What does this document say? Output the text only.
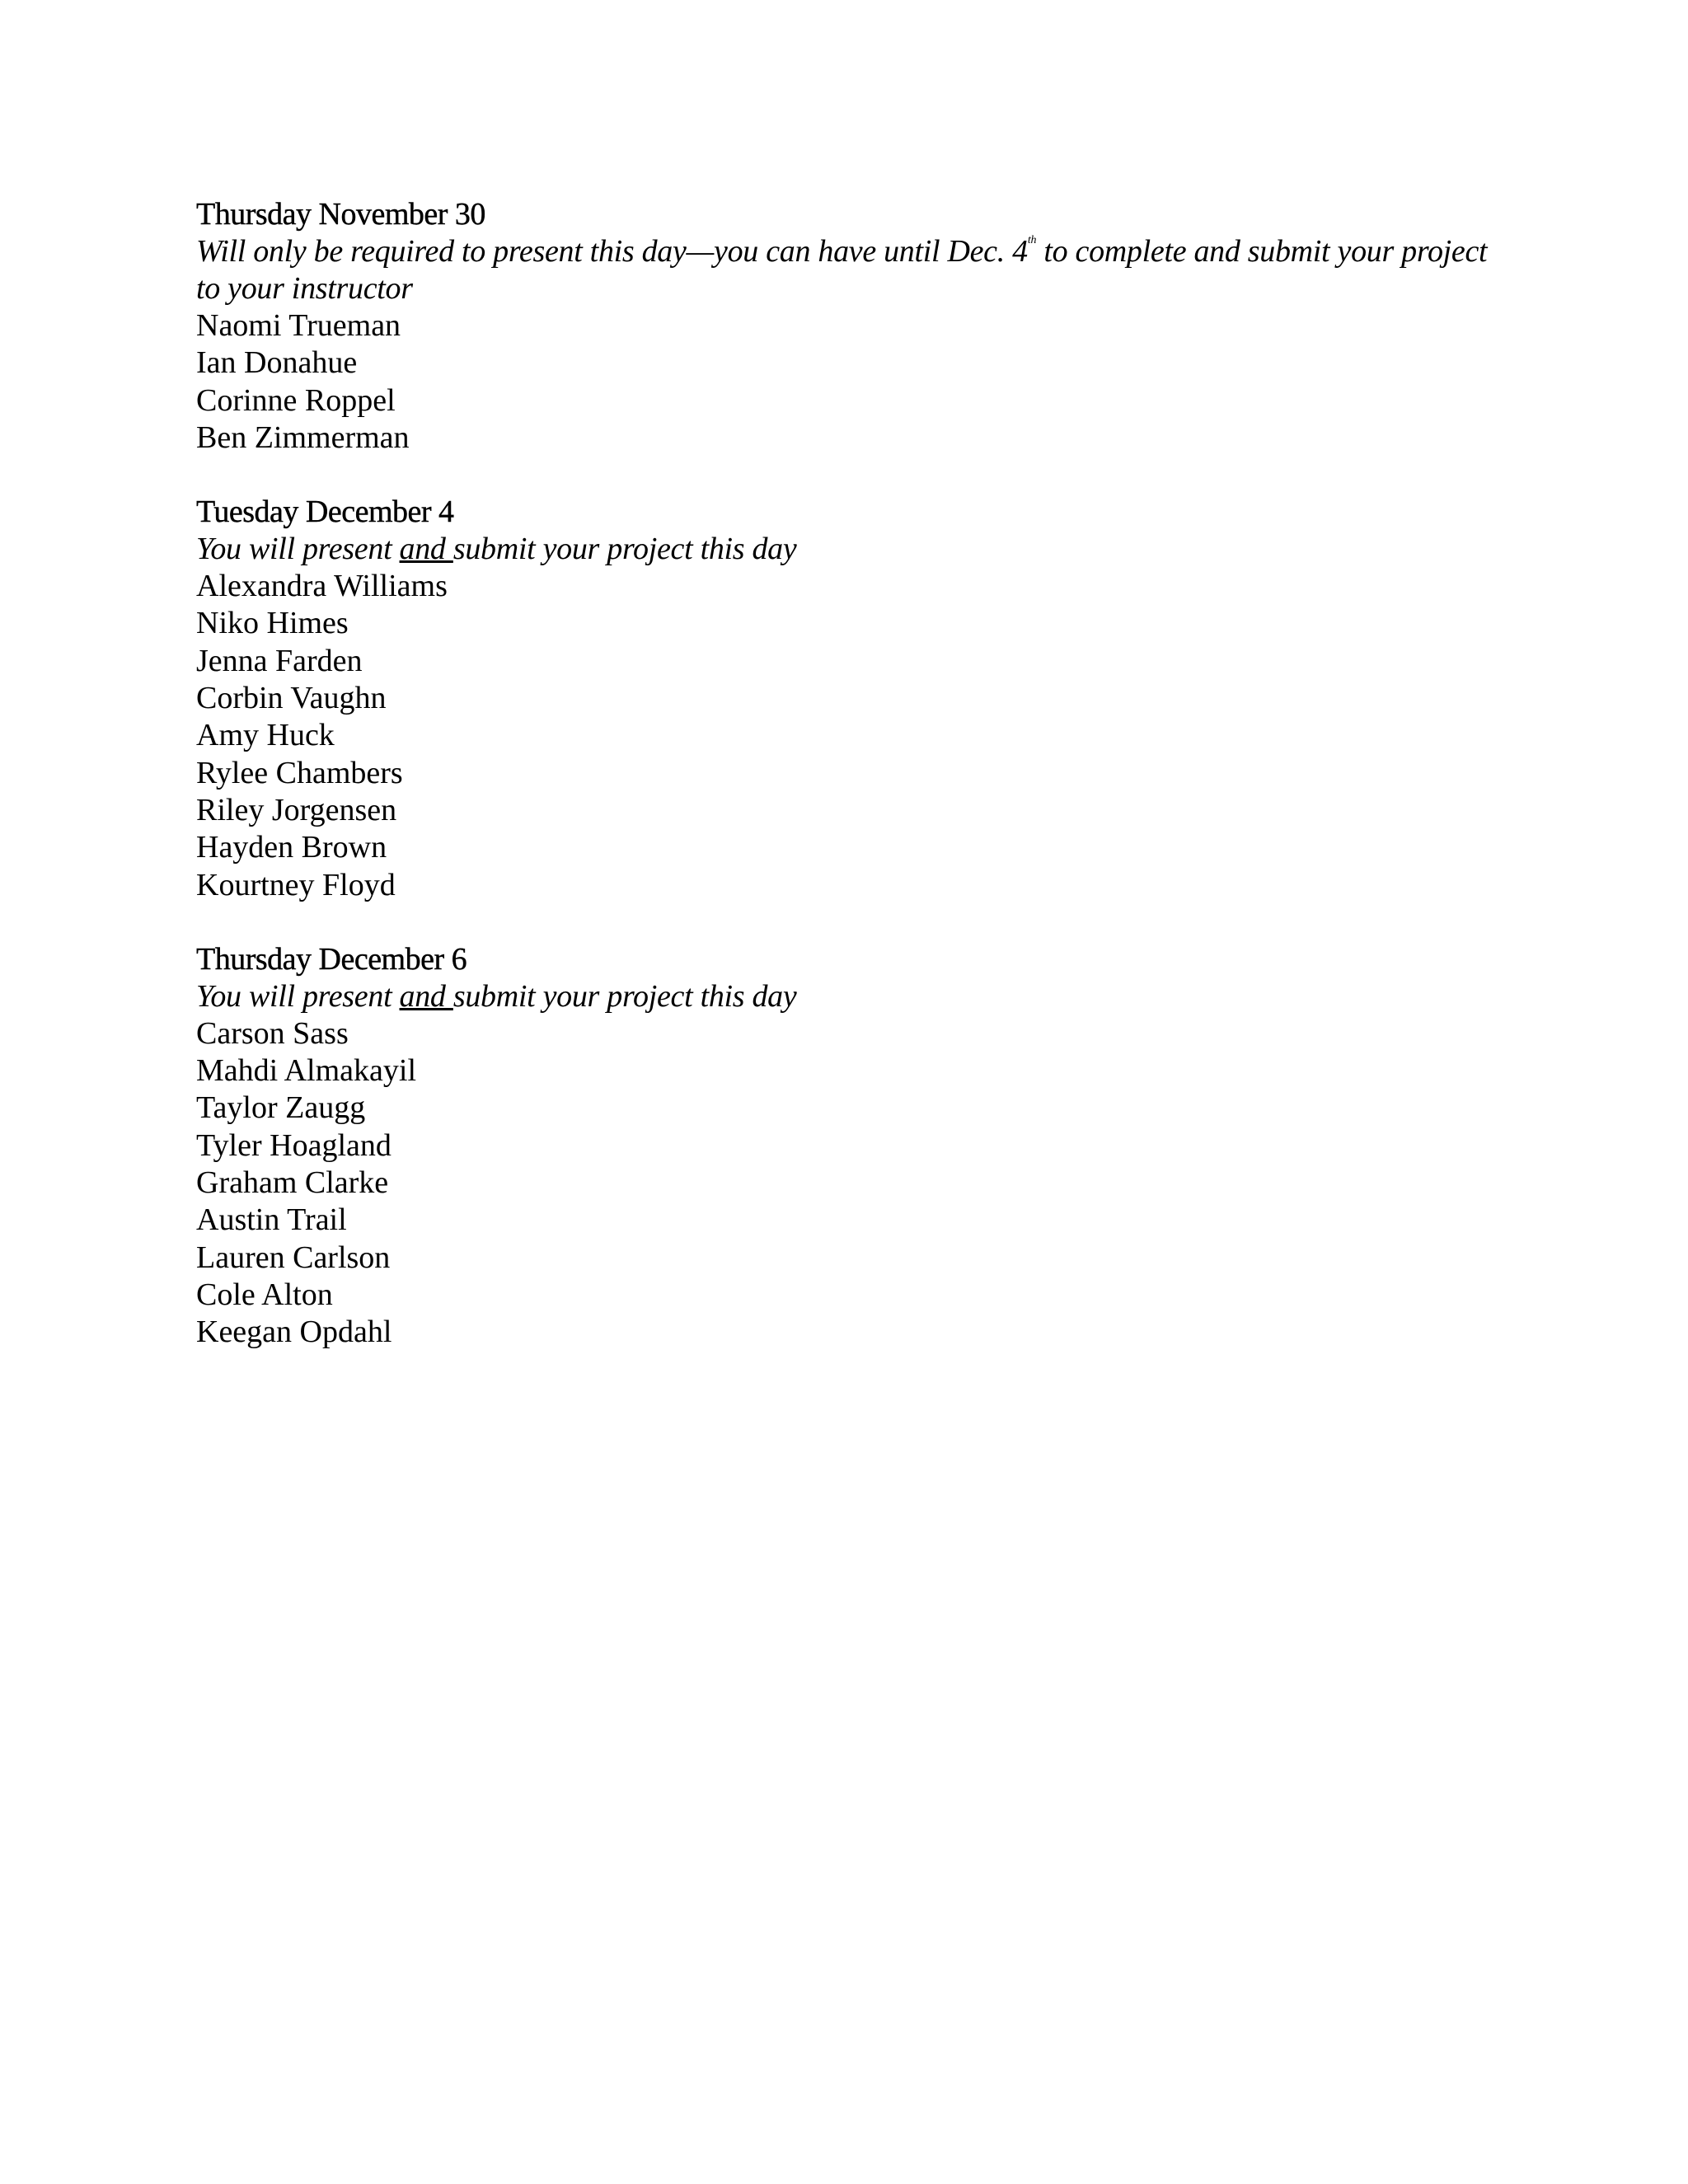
Thursday November 30
Will only be required to present this day—you can have until Dec. 4th to complete and submit your project to your instructor
Naomi Trueman
Ian Donahue
Corinne Roppel
Ben Zimmerman
Tuesday December 4
You will present and submit your project this day
Alexandra Williams
Niko Himes
Jenna Farden
Corbin Vaughn
Amy Huck
Rylee Chambers
Riley Jorgensen
Hayden Brown
Kourtney Floyd
Thursday December 6
You will present and submit your project this day
Carson Sass
Mahdi Almakayil
Taylor Zaugg
Tyler Hoagland
Graham Clarke
Austin Trail
Lauren Carlson
Cole Alton
Keegan Opdahl
